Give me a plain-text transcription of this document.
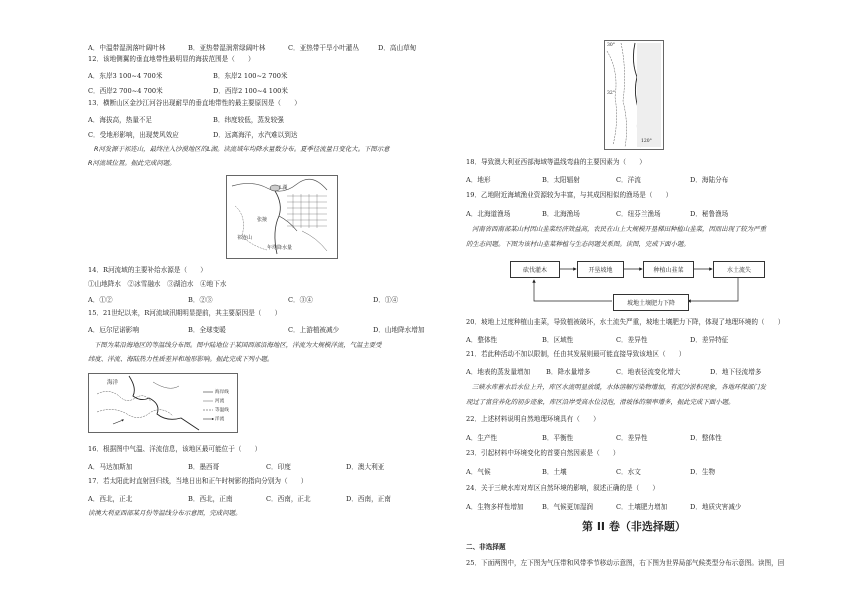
A．中温带湿润落叶阔叶林	B．亚热带湿润常绿阔叶林	C．亚热带干旱小叶灌丛	D．高山草甸
12．该地侧翼的垂直地带性最明显的海拔范围是（　　）
A．东岸3 100~4 700米	B．东岸2 100~2 700米
C．西岸2 700~4 700米	D．西岸2 100~4 100米
13．横断山区金沙江河谷出现耐旱的垂直地带性的最主要原因是（　　）
A．海拔高，热量不足	B．纬度较低，蒸发较强
C．受地形影响，出现焚风效应	D．远离海洋，水汽难以到达
R河发源于祁连山，最终注入沙漠地区的L湖。读流域年均降水量数分布。夏季径流量日变化大。下图示意
R河流域位置。据此完成问题。
L湖
祁连山
张掖
年均降水量
14．R河流域的主要补给水源是（　　）
①山地降水　②冰雪融水　③湖泊水　④地下水
A．①②	B．②③	C．③④	D．①④
15．21世纪以来，R河流域汛期明显提前，其主要原因是（　　）
A．厄尔尼诺影响	B．全球变暖	C．上游植被减少	D．山地降水增加
下图为某沿海地区的等温线分布图。图中陆地位于某国西部沿海地区，洋流为大规模洋流，气温主要受
纬度、洋流、海陆热力性质差异和地形影响。据此完成下列小题。
海洋
海岸线
河流
等温线
洋流
16．根据图中气温、洋流信息，该地区最可能位于（　　）
A．马达加斯加	B．墨西哥	C．印度	D．澳大利亚
17．若太阳此时直射回归线，当地日出和正午时树影的指向分别为（　　）
A．西北，正北	B．西北，正南	C．西南，正北	D．西南，正南
读澳大利亚西部某月份等温线分布示意图，完成问题。
30°
32°
120°
18．导致澳大利亚西部海域等温线弯曲的主要因素为（　　）
A．地形	B．太阳辐射	C．洋流	D．海陆分布
19．乙地附近海域渔业资源较为丰富，与其成因相似的渔场是（　　）
A．北海道渔场	B．北海渔场	C．纽芬兰渔场	D．秘鲁渔场
河南省西南部某山村因山韭菜经济效益高，农民在山上大规模开垦梯田种植山韭菜，因而出现了较为严重
的生态问题。下图为该村山韭菜种植与生态问题关系图。读图，完成下面小题。
砍伐灌木	开垦坡地	种植山韭菜	水土流失
坡地土壤肥力下降
20．坡地上过度种植山韭菜，导致植被破坏，水土流失严重，坡地土壤肥力下降，体现了地理环境的（　　）
A．整体性	B．区域性	C．差异性	D．差异特征
21．若此种活动不加以限制，任由其发展则最可能直接导致该地区（　　）
A．地表的蒸发量增加 B．降水量增多	C．地表径流变化增大	D．地下径流增多
三峡水库蓄水后水位上升，库区水流明显放缓，水体溶解污染物增加，有泥沙淤积现象，各地环保部门发
现过了富营养化的初步迹象，库区沿岸受高水位浸泡，滑坡体的频率增多，据此完成下面小题。
22．上述材料说明自然地理环境具有（　　）
A．生产性	B．平衡性	C．差异性	D．整体性
23．引起材料中环境变化的首要自然因素是（　　）
A．气候	B．土壤	C．水文	D．生物
24．关于三峡水库对库区自然环境的影响，叙述正确的是（　　）
A．生物多样性增加	B．气候更加湿润	C．土壤肥力增加	D．地质灾害减少
第 II 卷（非选择题）
二、非选择题
25．下面两图中，左下图为气压带和风带季节移动示意图，右下图为世界局部气候类型分布示意图。读图，回
